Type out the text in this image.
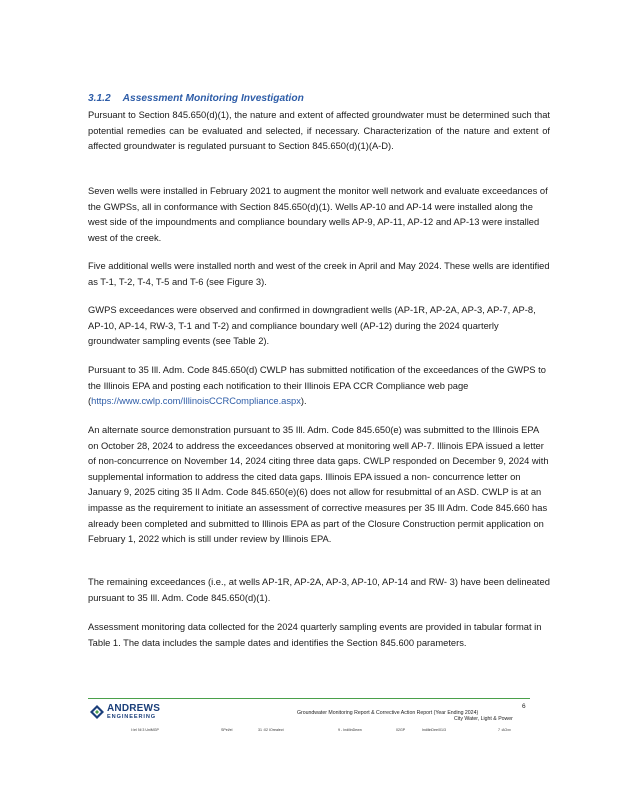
3.1.2 Assessment Monitoring Investigation

Pursuant to Section 845.650(d)(1), the nature and extent of affected groundwater must be determined such that potential remedies can be evaluated and selected, if necessary. Characterization of the nature and extent of affected groundwater is regulated pursuant to Section 845.650(d)(1)(A-D).

Seven wells were installed in February 2021 to augment the monitor well network and evaluate exceedances of the GWPSs, all in conformance with Section 845.650(d)(1). Wells AP-10 and AP-14 were installed along the west side of the impoundments and compliance boundary wells AP-9, AP-11, AP-12 and AP-13 were installed west of the creek.

Five additional wells were installed north and west of the creek in April and May 2024. These wells are identified as T-1, T-2, T-4, T-5 and T-6 (see Figure 3).

GWPS exceedances were observed and confirmed in downgradient wells (AP-1R, AP-2A, AP-3, AP-7, AP-8, AP-10, AP-14, RW-3, T-1 and T-2) and compliance boundary well (AP-12) during the 2024 quarterly groundwater sampling events (see Table 2).

Pursuant to 35 Ill. Adm. Code 845.650(d) CWLP has submitted notification of the exceedances of the GWPS to the Illinois EPA and posting each notification to their Illinois EPA CCR Compliance web page (https://www.cwlp.com/IllinoisCCRCompliance.aspx).

An alternate source demonstration pursuant to 35 Ill. Adm. Code 845.650(e) was submitted to the Illinois EPA on October 28, 2024 to address the exceedances observed at monitoring well AP-7. Illinois EPA issued a letter of non-concurrence on November 14, 2024 citing three data gaps. CWLP responded on December 9, 2024 with supplemental information to address the cited data gaps. Illinois EPA issued a non- concurrence letter on January 9, 2025 citing 35 Il Adm. Code 845.650(e)(6) does not allow for resubmittal of an ASD. CWLP is at an impasse as the requirement to initiate an assessment of corrective measures per 35 Ill Adm. Code 845.660 has already been completed and submitted to Illinois EPA as part of the Closure Construction permit application on February 1, 2022 which is still under review by Illinois EPA.

The remaining exceedances (i.e., at wells AP-1R, AP-2A, AP-3, AP-10, AP-14 and RW- 3) have been delineated pursuant to 35 Ill. Adm. Code 845.650(d)(1).

Assessment monitoring data collected for the 2024 quarterly sampling events are provided in tabular format in Table 1. The data includes the sample dates and identifies the Section 845.600 parameters.

ANDREWS
ENGINEERING
6
Groundwater Monitoring Report & Corrective Action Report (Year Ending 2024)
City Water, Light & Power
I:\el I\li 3 UniMGP	SPel/el	31 :02 IOrealect	9 - IndilinDewn	02GP	IndilinDee\01\3	7 :AOxx
